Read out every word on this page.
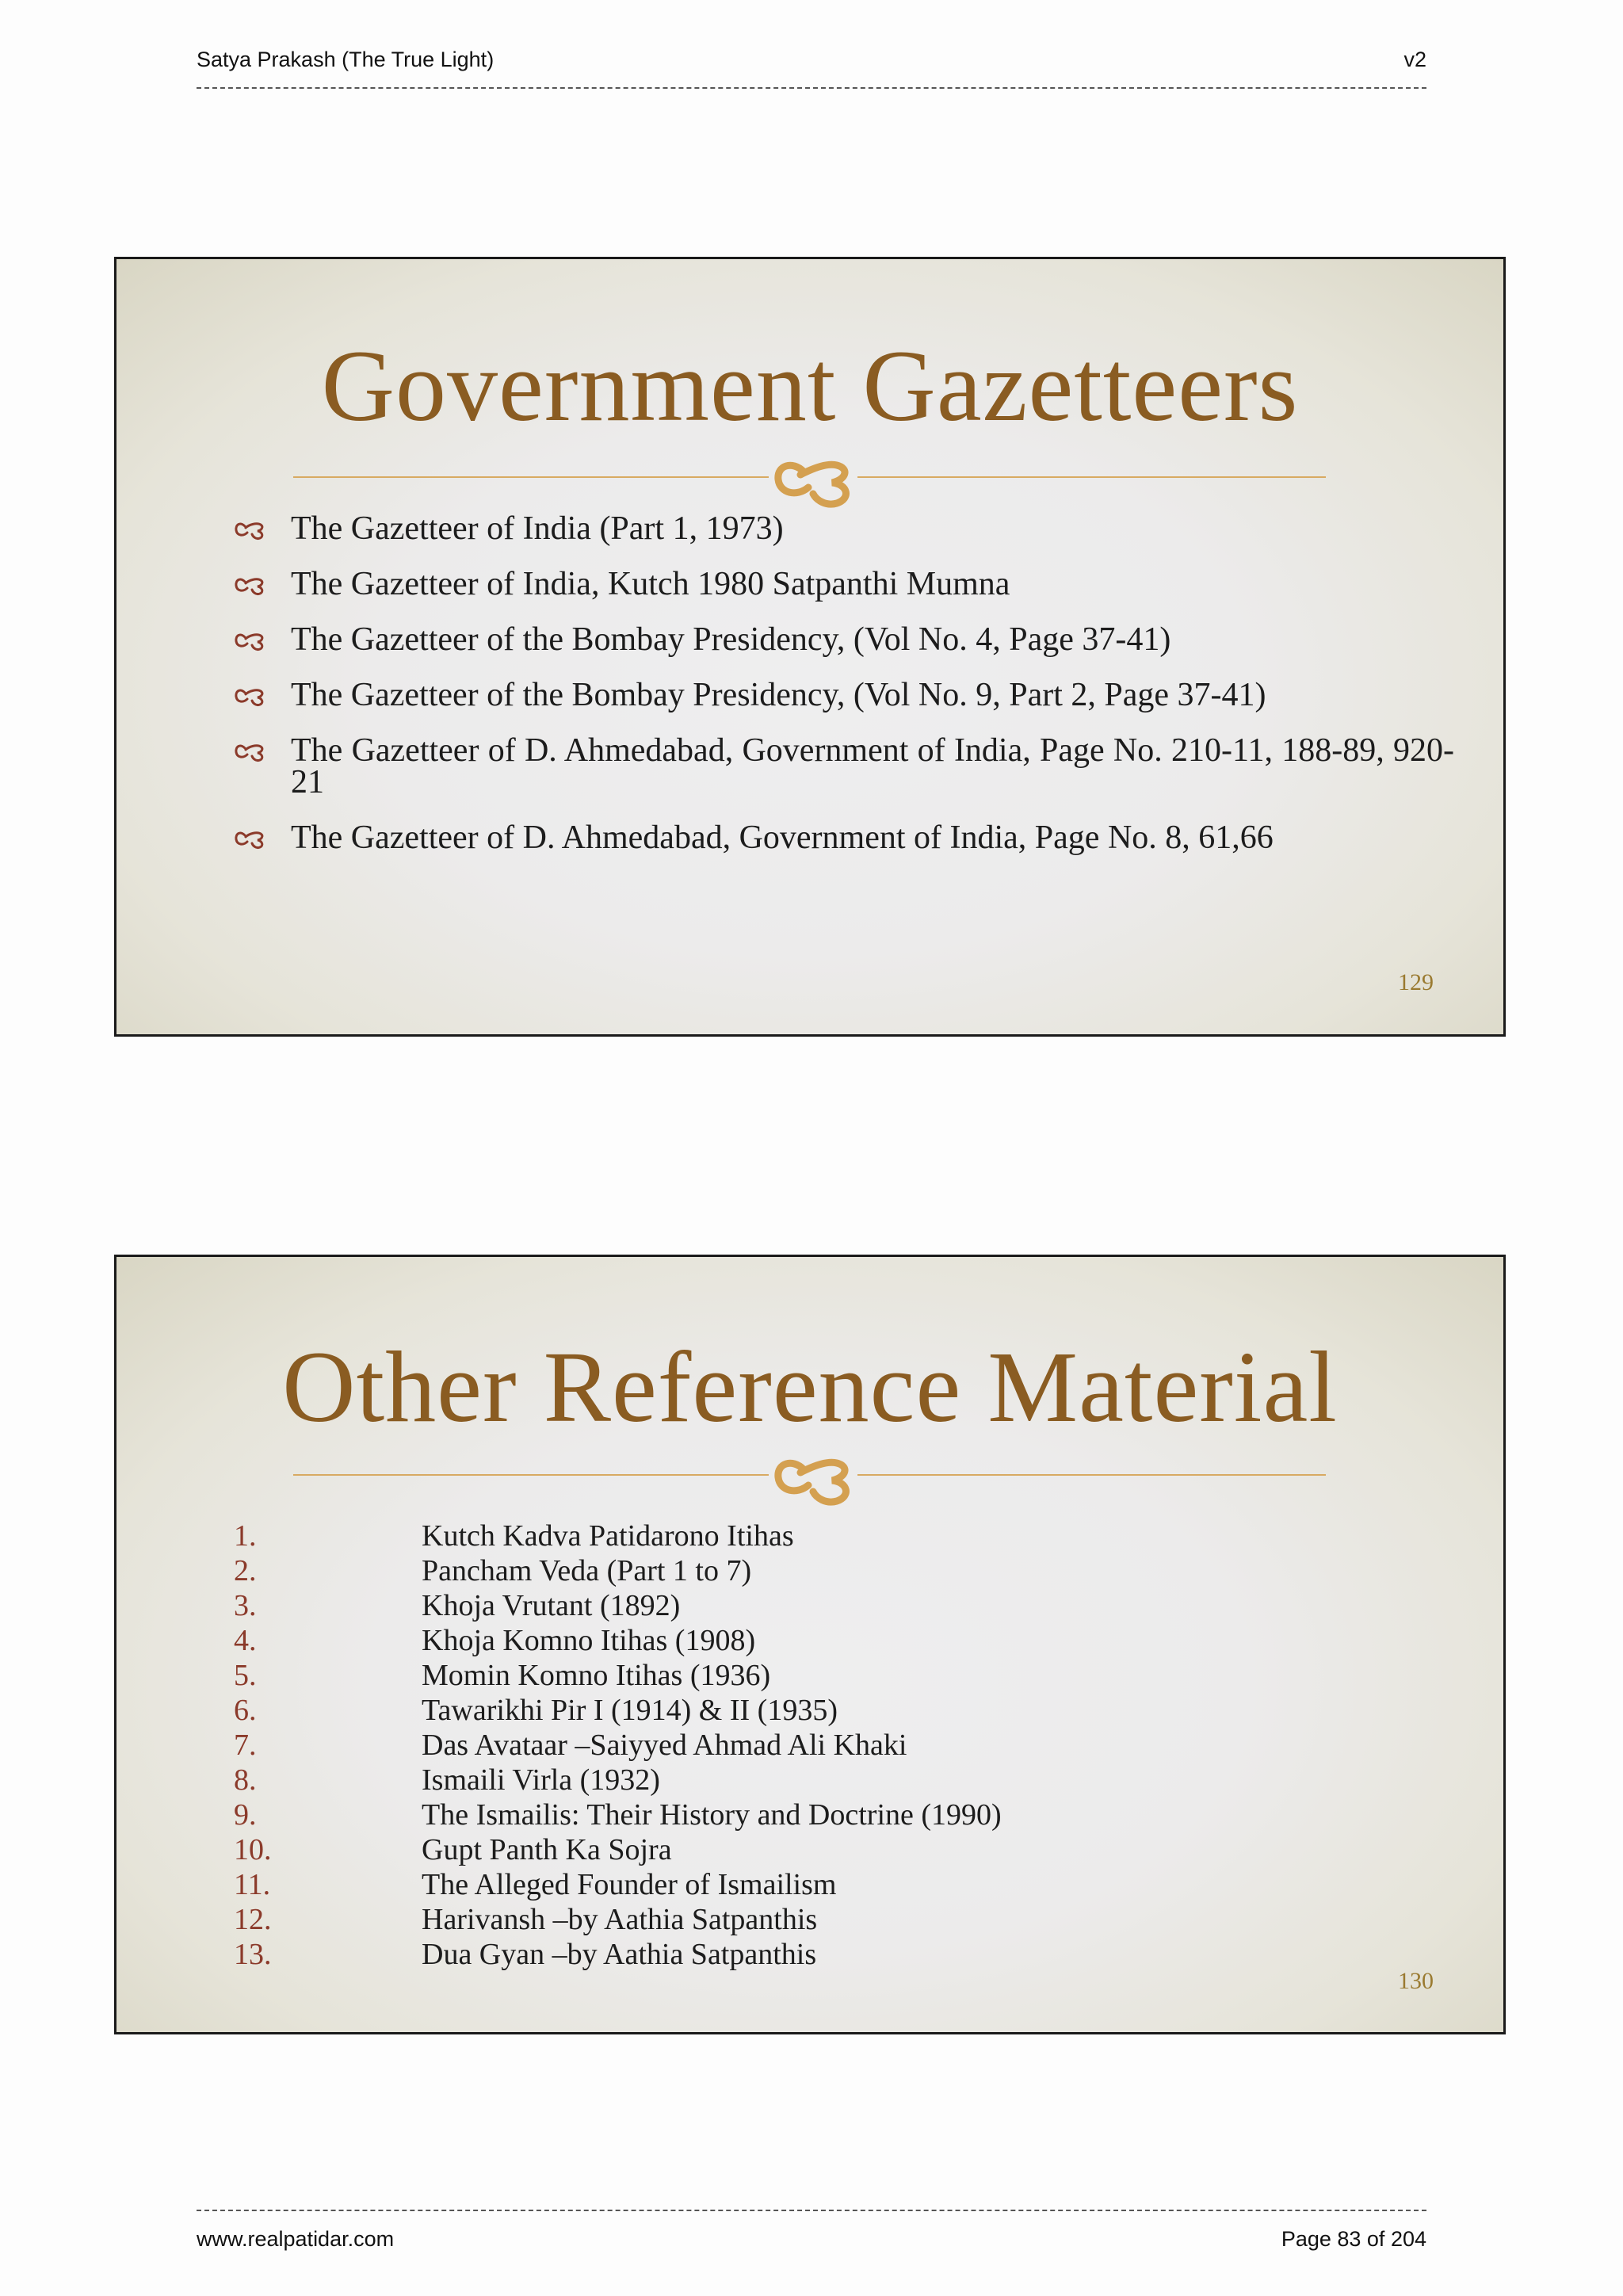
Satya Prakash (The True Light)	v2
Government Gazetteers
The Gazetteer of India (Part 1, 1973)
The Gazetteer of India, Kutch 1980 Satpanthi Mumna
The Gazetteer of the Bombay Presidency, (Vol No. 4, Page 37-41)
The Gazetteer of the Bombay Presidency, (Vol No. 9, Part 2, Page 37-41)
The Gazetteer of D. Ahmedabad, Government of India, Page No. 210-11, 188-89, 920-21
The Gazetteer of D. Ahmedabad, Government of India, Page No. 8, 61,66
129
Other Reference Material
1.	Kutch Kadva Patidarono Itihas
2.	Pancham Veda (Part 1 to 7)
3.	Khoja Vrutant (1892)
4.	Khoja Komno Itihas (1908)
5.	Momin Komno Itihas (1936)
6.	Tawarikhi Pir I (1914) & II (1935)
7.	Das Avataar –Saiyyed Ahmad Ali Khaki
8.	Ismaili Virla (1932)
9.	The Ismailis: Their History and Doctrine (1990)
10.	Gupt Panth Ka Sojra
11.	The Alleged Founder of Ismailism
12.	Harivansh –by Aathia Satpanthis
13.	Dua Gyan –by Aathia Satpanthis
130
www.realpatidar.com	Page 83 of 204
